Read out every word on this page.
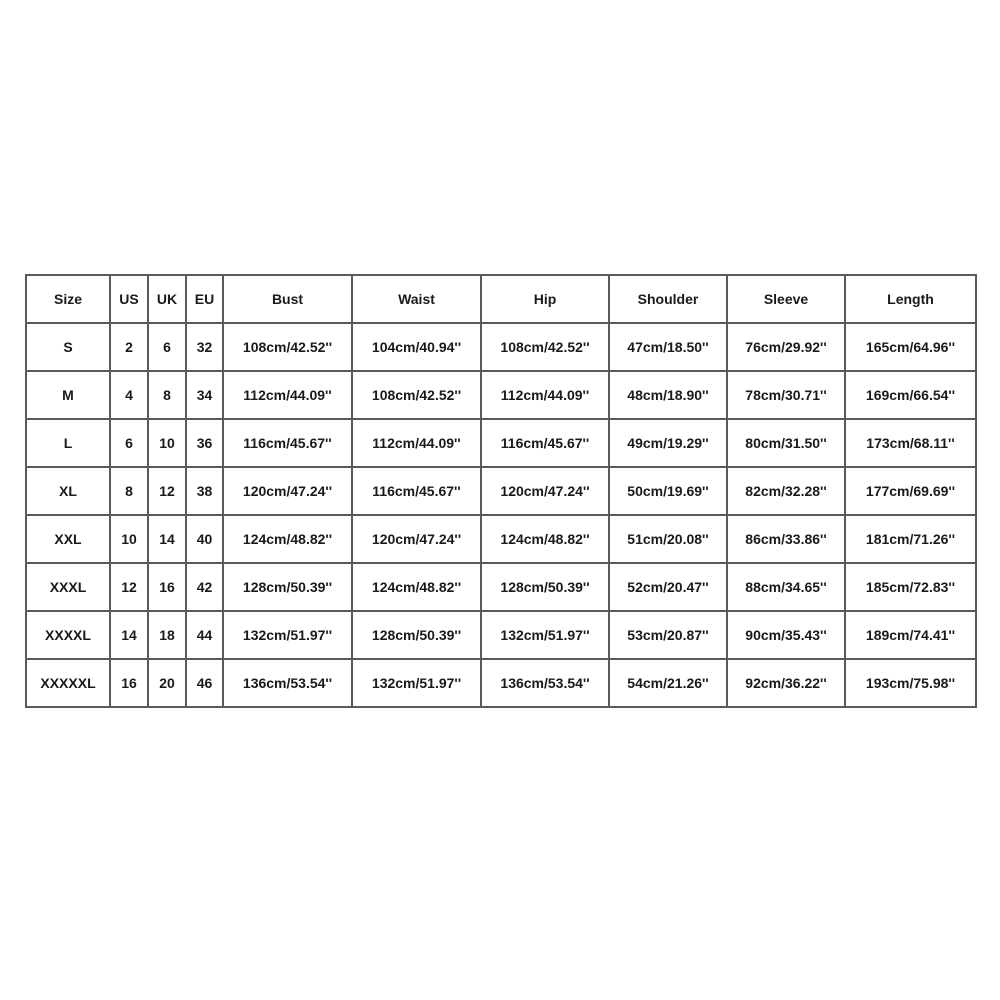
Size	US	UK	EU	Bust	Waist	Hip	Shoulder	Sleeve	Length
S	2	6	32	108cm/42.52''	104cm/40.94''	108cm/42.52''	47cm/18.50''	76cm/29.92''	165cm/64.96''
M	4	8	34	112cm/44.09''	108cm/42.52''	112cm/44.09''	48cm/18.90''	78cm/30.71''	169cm/66.54''
L	6	10	36	116cm/45.67''	112cm/44.09''	116cm/45.67''	49cm/19.29''	80cm/31.50''	173cm/68.11''
XL	8	12	38	120cm/47.24''	116cm/45.67''	120cm/47.24''	50cm/19.69''	82cm/32.28''	177cm/69.69''
XXL	10	14	40	124cm/48.82''	120cm/47.24''	124cm/48.82''	51cm/20.08''	86cm/33.86''	181cm/71.26''
XXXL	12	16	42	128cm/50.39''	124cm/48.82''	128cm/50.39''	52cm/20.47''	88cm/34.65''	185cm/72.83''
XXXXL	14	18	44	132cm/51.97''	128cm/50.39''	132cm/51.97''	53cm/20.87''	90cm/35.43''	189cm/74.41''
XXXXXL	16	20	46	136cm/53.54''	132cm/51.97''	136cm/53.54''	54cm/21.26''	92cm/36.22''	193cm/75.98''
